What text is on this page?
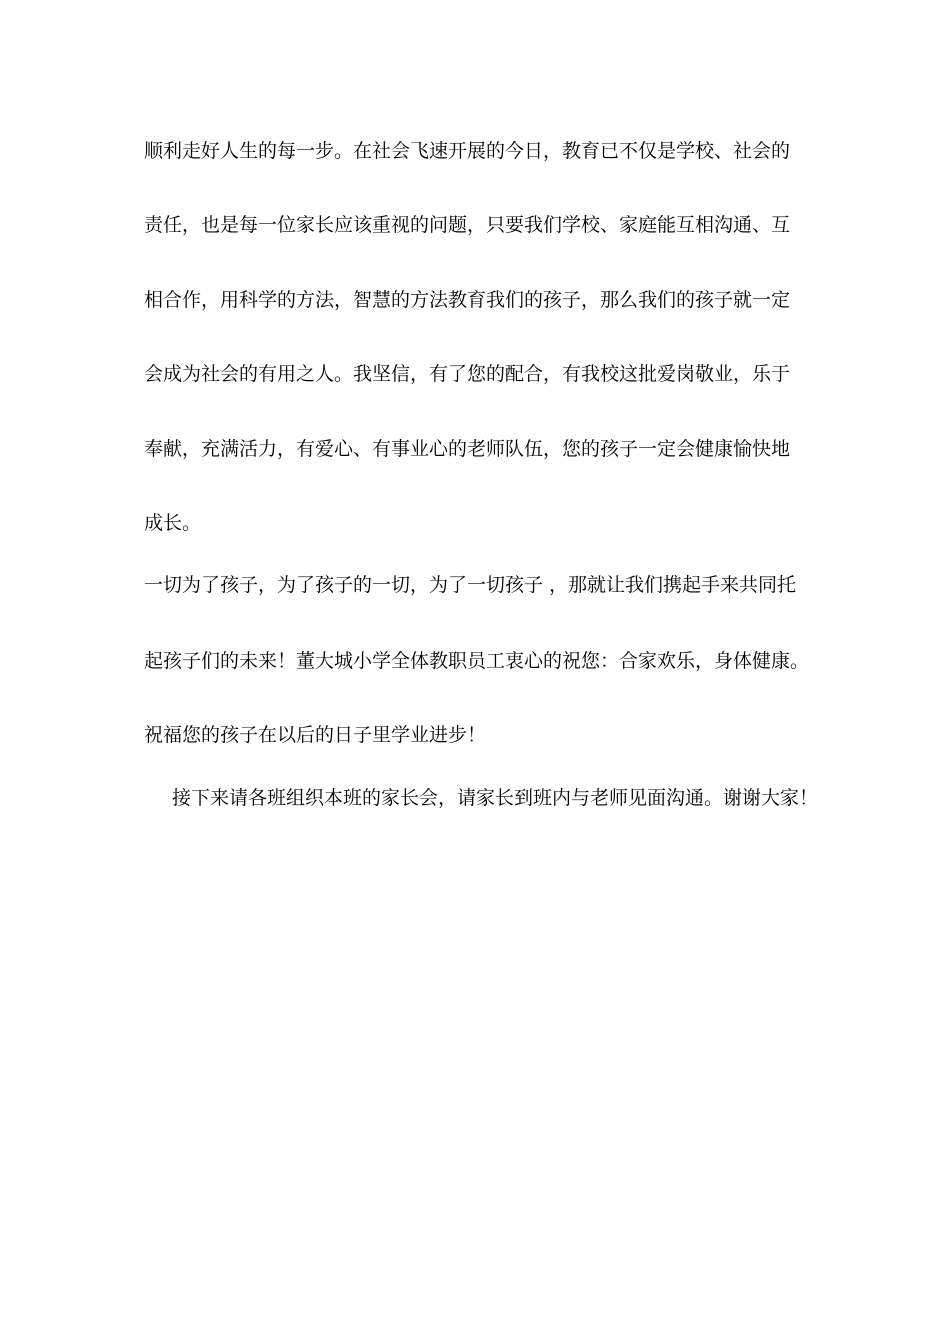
顺利走好人生的每一步。在社会飞速开展的今日，教育已不仅是学校、社会的

责任，也是每一位家长应该重视的问题，只要我们学校、家庭能互相沟通、互

相合作，用科学的方法，智慧的方法教育我们的孩子，那么我们的孩子就一定

会成为社会的有用之人。我坚信，有了您的配合，有我校这批爱岗敬业，乐于

奉献，充满活力，有爱心、有事业心的老师队伍，您的孩子一定会健康愉快地

成长。

一切为了孩子，为了孩子的一切，为了一切孩子 ，那就让我们携起手来共同托

起孩子们的未来！董大城小学全体教职员工衷心的祝您：合家欢乐，身体健康。

祝福您的孩子在以后的日子里学业进步！

接下来请各班组织本班的家长会，请家长到班内与老师见面沟通。谢谢大家！
